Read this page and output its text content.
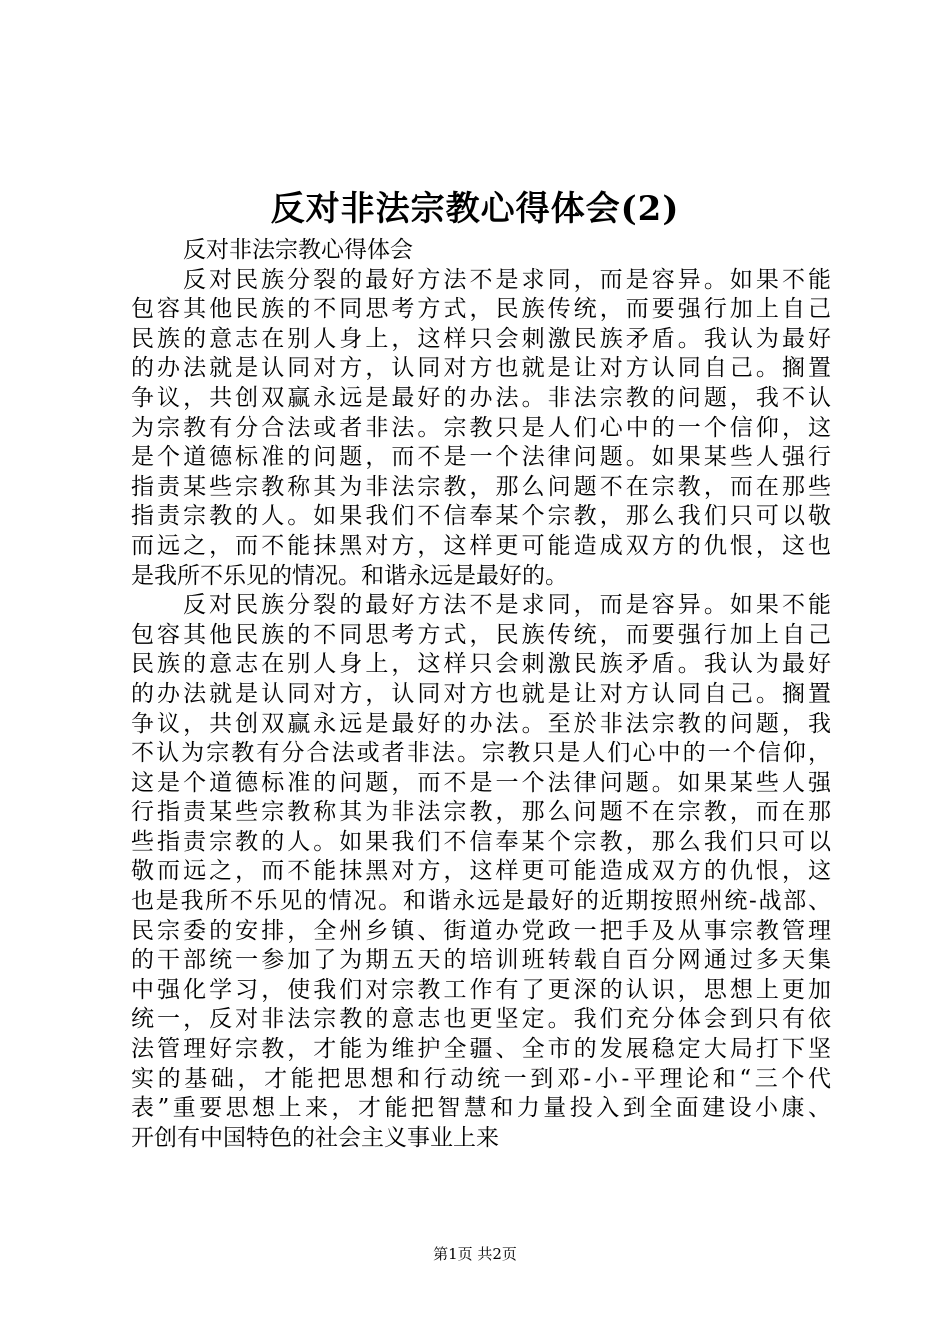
反对非法宗教心得体会(2)
反对非法宗教心得体会
反对民族分裂的最好方法不是求同，而是容异。如果不能
包容其他民族的不同思考方式，民族传统，而要强行加上自己
民族的意志在别人身上，这样只会刺激民族矛盾。我认为最好
的办法就是认同对方，认同对方也就是让对方认同自己。搁置
争议，共创双赢永远是最好的办法。非法宗教的问题，我不认
为宗教有分合法或者非法。宗教只是人们心中的一个信仰，这
是个道德标准的问题，而不是一个法律问题。如果某些人强行
指责某些宗教称其为非法宗教，那么问题不在宗教，而在那些
指责宗教的人。如果我们不信奉某个宗教，那么我们只可以敬
而远之，而不能抹黑对方，这样更可能造成双方的仇恨，这也
是我所不乐见的情况。和谐永远是最好的。
反对民族分裂的最好方法不是求同，而是容异。如果不能
包容其他民族的不同思考方式，民族传统，而要强行加上自己
民族的意志在别人身上，这样只会刺激民族矛盾。我认为最好
的办法就是认同对方，认同对方也就是让对方认同自己。搁置
争议，共创双赢永远是最好的办法。至於非法宗教的问题，我
不认为宗教有分合法或者非法。宗教只是人们心中的一个信仰，
这是个道德标准的问题，而不是一个法律问题。如果某些人强
行指责某些宗教称其为非法宗教，那么问题不在宗教，而在那
些指责宗教的人。如果我们不信奉某个宗教，那么我们只可以
敬而远之，而不能抹黑对方，这样更可能造成双方的仇恨，这
也是我所不乐见的情况。和谐永远是最好的近期按照州统-战部、
民宗委的安排，全州乡镇、街道办党政一把手及从事宗教管理
的干部统一参加了为期五天的培训班转载自百分网通过多天集
中强化学习，使我们对宗教工作有了更深的认识，思想上更加
统一，反对非法宗教的意志也更坚定。我们充分体会到只有依
法管理好宗教，才能为维护全疆、全市的发展稳定大局打下坚
实的基础，才能把思想和行动统一到邓-小-平理论和“三个代
表”重要思想上来，才能把智慧和力量投入到全面建设小康、
开创有中国特色的社会主义事业上来
第1页 共2页
